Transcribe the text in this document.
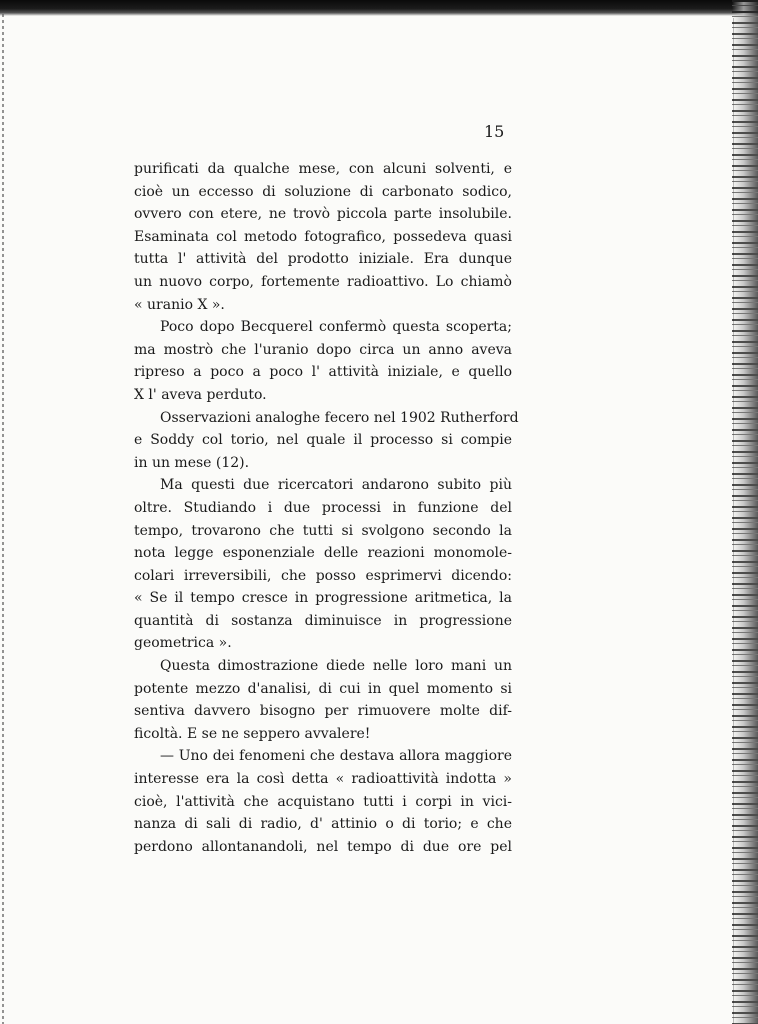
15
purificati da qualche mese, con alcuni solventi, e
cioè un eccesso di soluzione di carbonato sodico,
ovvero con etere, ne trovò piccola parte insolubile.
Esaminata col metodo fotografico, possedeva quasi
tutta l' attività del prodotto iniziale. Era dunque
un nuovo corpo, fortemente radioattivo. Lo chiamò
« uranio X ».
Poco dopo Becquerel confermò questa scoperta;
ma mostrò che l'uranio dopo circa un anno aveva
ripreso a poco a poco l' attività iniziale, e quello
X l' aveva perduto.
Osservazioni analoghe fecero nel 1902 Rutherford
e Soddy col torio, nel quale il processo si compie
in un mese (12).
Ma questi due ricercatori andarono subito più
oltre. Studiando i due processi in funzione del
tempo, trovarono che tutti si svolgono secondo la
nota legge esponenziale delle reazioni monomole-
colari irreversibili, che posso esprimervi dicendo:
« Se il tempo cresce in progressione aritmetica, la
quantità di sostanza diminuisce in progressione
geometrica ».
Questa dimostrazione diede nelle loro mani un
potente mezzo d'analisi, di cui in quel momento si
sentiva davvero bisogno per rimuovere molte dif-
ficoltà. E se ne seppero avvalere!
— Uno dei fenomeni che destava allora maggiore
interesse era la così detta « radioattività indotta »
cioè, l'attività che acquistano tutti i corpi in vici-
nanza di sali di radio, d' attinio o di torio; e che
perdono allontanandoli, nel tempo di due ore pel
